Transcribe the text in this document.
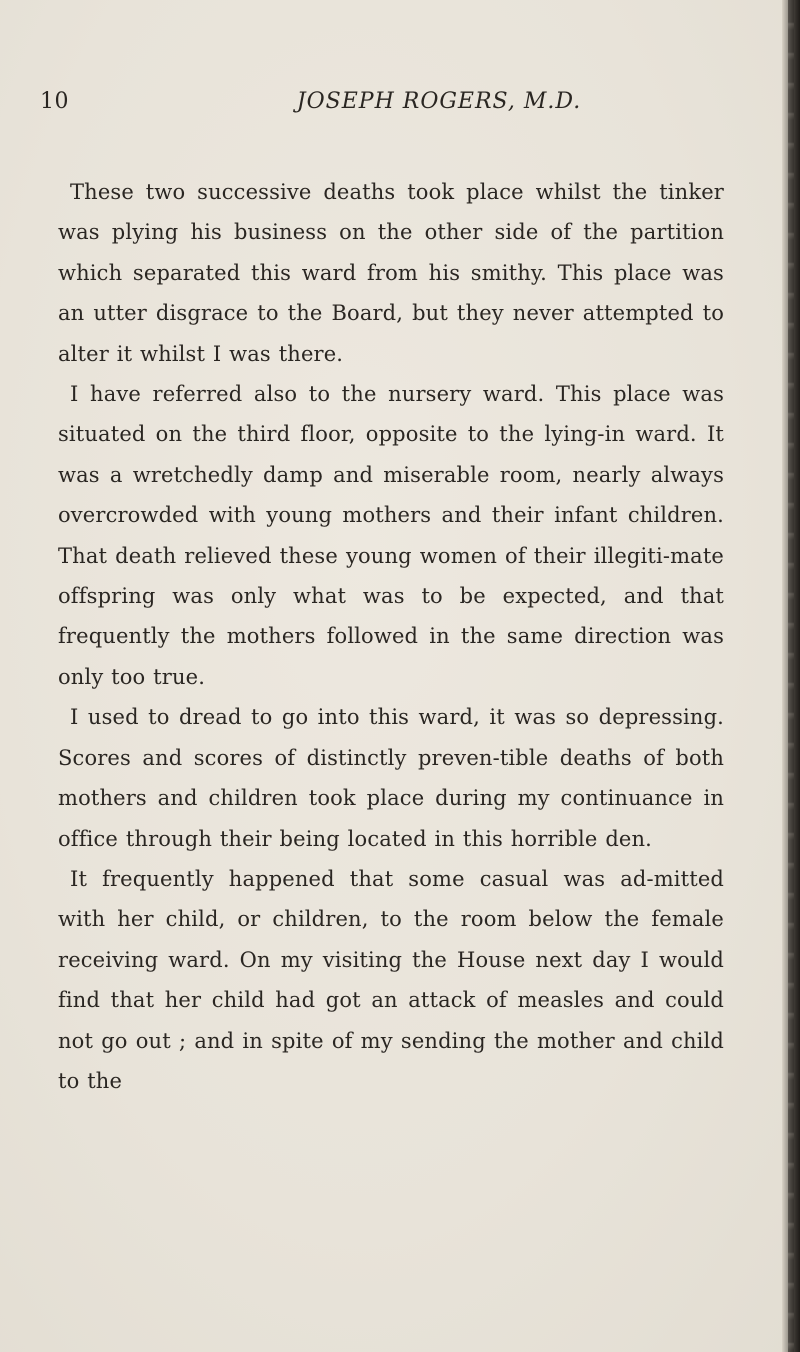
10	JOSEPH ROGERS, M.D.

These two successive deaths took place whilst the tinker was plying his business on the other side of the partition which separated this ward from his smithy. This place was an utter disgrace to the Board, but they never attempted to alter it whilst I was there.

I have referred also to the nursery ward. This place was situated on the third floor, opposite to the lying-in ward. It was a wretchedly damp and miserable room, nearly always overcrowded with young mothers and their infant children. That death relieved these young women of their illegiti-mate offspring was only what was to be expected, and that frequently the mothers followed in the same direction was only too true.

I used to dread to go into this ward, it was so depressing. Scores and scores of distinctly preven-tible deaths of both mothers and children took place during my continuance in office through their being located in this horrible den.

It frequently happened that some casual was ad-mitted with her child, or children, to the room below the female receiving ward. On my visiting the House next day I would find that her child had got an attack of measles and could not go out ; and in spite of my sending the mother and child to the
